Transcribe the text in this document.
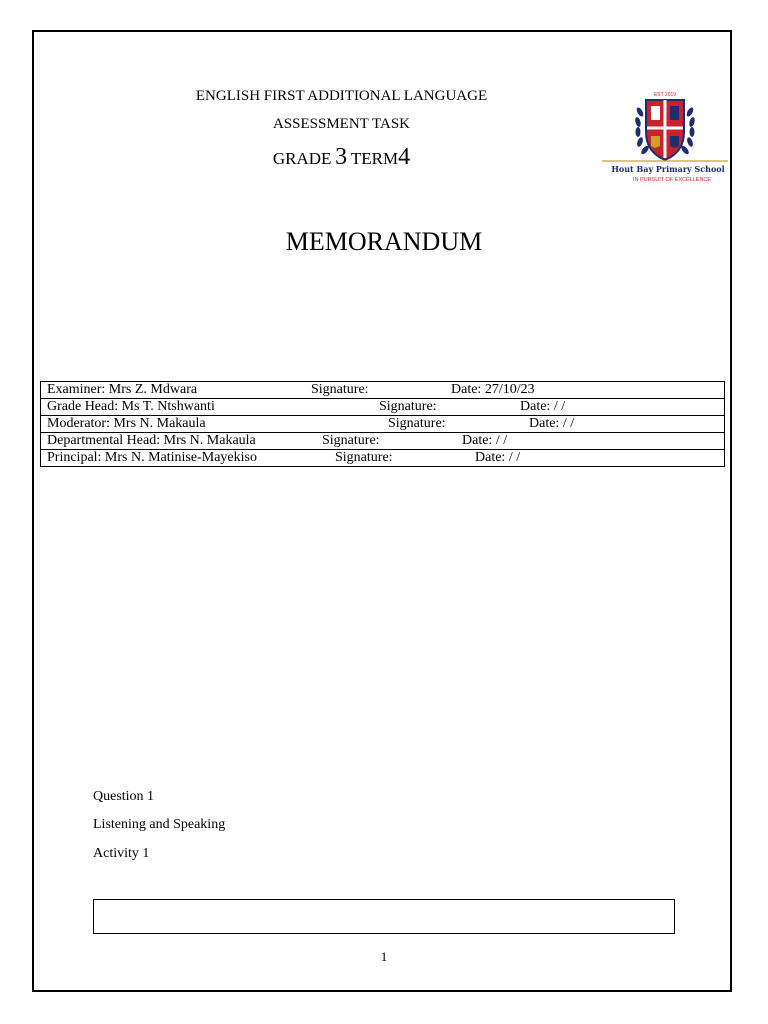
ENGLISH FIRST ADDITIONAL LANGUAGE
ASSESSMENT TASK
GRADE 3 TERM4
EST 2019
Hout Bay Primary School
IN PURSUIT OF EXCELLENCE
MEMORANDUM
Examiner: Mrs Z. Mdwara	Signature:	Date: 27/10/23

Grade Head: Ms T. Ntshwanti	Signature:	Date: / /

Moderator: Mrs N. Makaula	Signature:	Date: / /

Departmental Head: Mrs N. Makaula	Signature:	Date: / /

Principal: Mrs N. Matinise-Mayekiso	Signature:	Date: / /
Question 1
Listening and Speaking
Activity 1
1
